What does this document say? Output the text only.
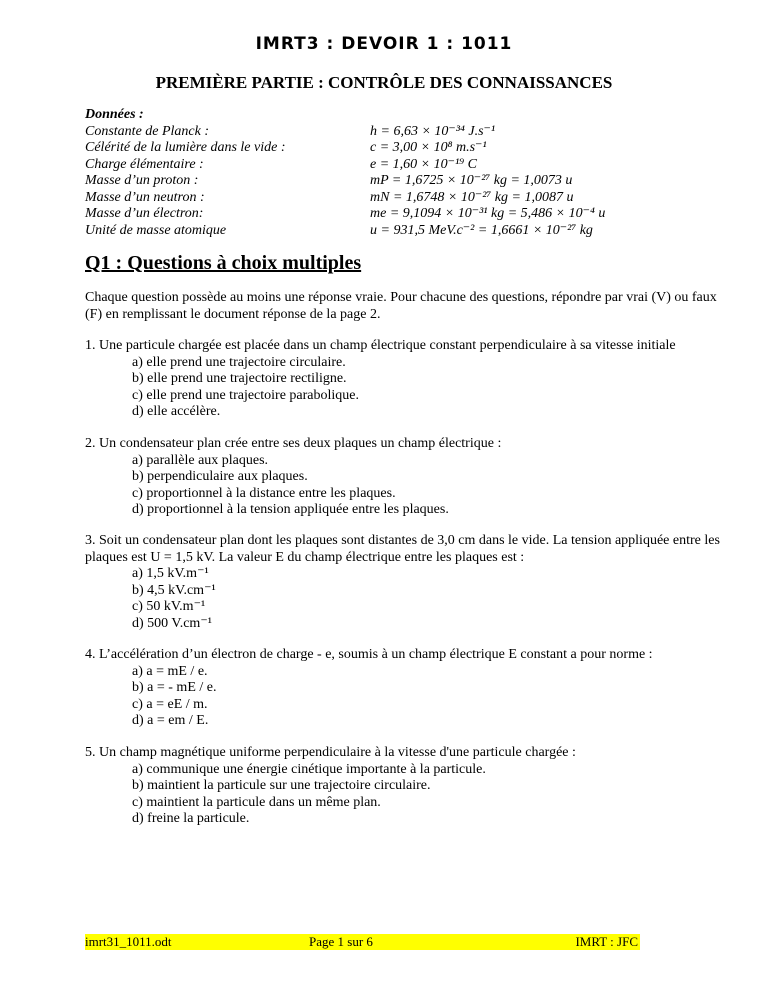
IMRT3 : DEVOIR 1 : 1011
PREMIÈRE PARTIE : CONTRÔLE DES CONNAISSANCES
Données :
Constante de Planck :	h = 6,63 × 10⁻³⁴ J.s⁻¹
Célérité de la lumière dans le vide :	c = 3,00 × 10⁸ m.s⁻¹
Charge élémentaire :	e = 1,60 × 10⁻¹⁹ C
Masse d’un proton :	mP = 1,6725 × 10⁻²⁷ kg = 1,0073 u
Masse d’un neutron :	mN = 1,6748 × 10⁻²⁷ kg = 1,0087 u
Masse d’un électron:	me = 9,1094 × 10⁻³¹ kg = 5,486 × 10⁻⁴ u
Unité de masse atomique	u = 931,5 MeV.c⁻² = 1,6661 × 10⁻²⁷ kg
Q1 : Questions à choix multiples
Chaque question possède au moins une réponse vraie. Pour chacune des questions, répondre par vrai (V) ou faux (F) en remplissant le document réponse de la page 2.
1. Une particule chargée est placée dans un champ électrique constant perpendiculaire à sa vitesse initiale
a) elle prend une trajectoire circulaire.
b) elle prend une trajectoire rectiligne.
c) elle prend une trajectoire parabolique.
d) elle accélère.
2. Un condensateur plan crée entre ses deux plaques un champ électrique :
a) parallèle aux plaques.
b) perpendiculaire aux plaques.
c) proportionnel à la distance entre les plaques.
d) proportionnel à la tension appliquée entre les plaques.
3. Soit un condensateur plan dont les plaques sont distantes de 3,0 cm dans le vide. La tension appliquée entre les plaques est U = 1,5 kV. La valeur E du champ électrique entre les plaques est :
a) 1,5 kV.m⁻¹
b) 4,5 kV.cm⁻¹
c) 50 kV.m⁻¹
d) 500 V.cm⁻¹
4. L’accélération d’un électron de charge - e, soumis à un champ électrique E constant a pour norme :
a) a = mE / e.
b) a = - mE / e.
c) a = eE / m.
d) a = em / E.
5. Un champ magnétique uniforme perpendiculaire à la vitesse d'une particule chargée :
a) communique une énergie cinétique importante à la particule.
b) maintient la particule sur une trajectoire circulaire.
c) maintient la particule dans un même plan.
d) freine la particule.
imrt31_1011.odt	Page 1 sur 6	IMRT : JFC
